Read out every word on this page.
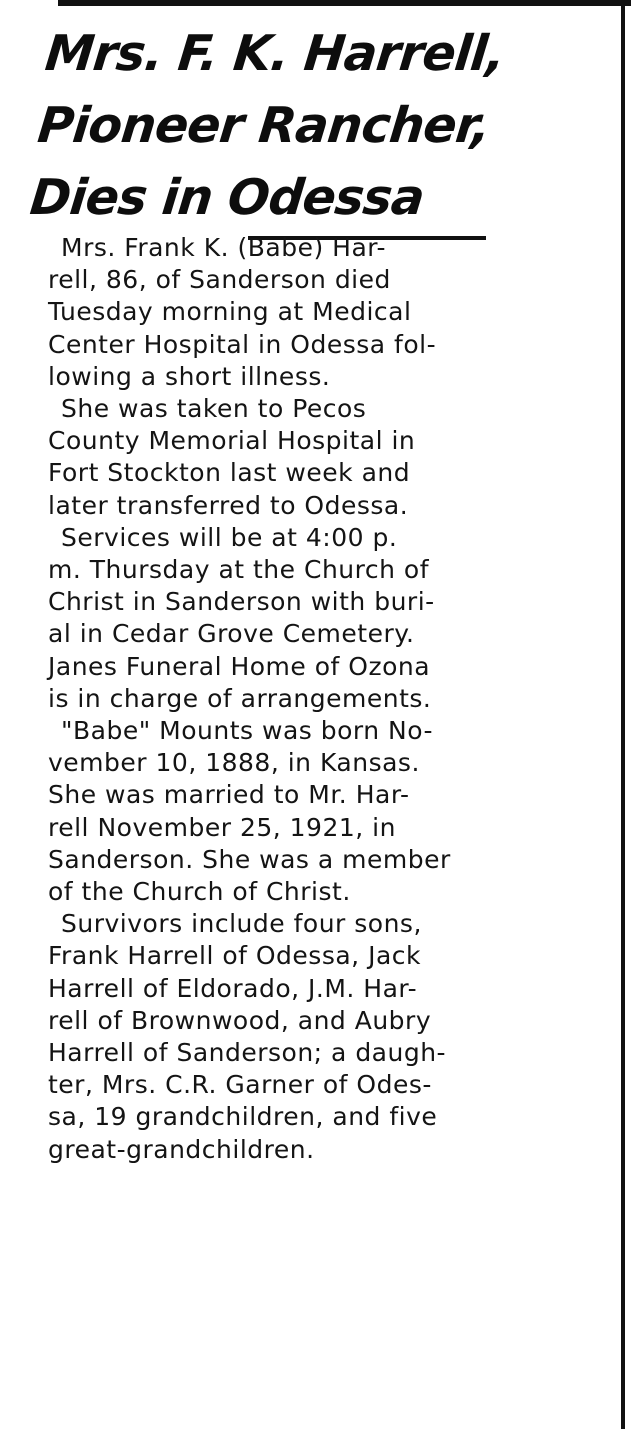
Mrs. F. K. Harrell,
Pioneer Rancher,
Dies in Odessa

Mrs. Frank K. (Babe) Har-
rell, 86, of Sanderson died
Tuesday morning at Medical
Center Hospital in Odessa fol-
lowing a short illness.

She was taken to Pecos
County Memorial Hospital in
Fort Stockton last week and
later transferred to Odessa.

Services will be at 4:00 p.
m. Thursday at the Church of
Christ in Sanderson with buri-
al in Cedar Grove Cemetery.
Janes Funeral Home of Ozona
is in charge of arrangements.

"Babe" Mounts was born No-
vember 10, 1888, in Kansas.
She was married to Mr. Har-
rell November 25, 1921, in
Sanderson. She was a member
of the Church of Christ.

Survivors include four sons,
Frank Harrell of Odessa, Jack
Harrell of Eldorado, J.M. Har-
rell of Brownwood, and Aubry
Harrell of Sanderson; a daugh-
ter, Mrs. C.R. Garner of Odes-
sa, 19 grandchildren, and five
great-grandchildren.
